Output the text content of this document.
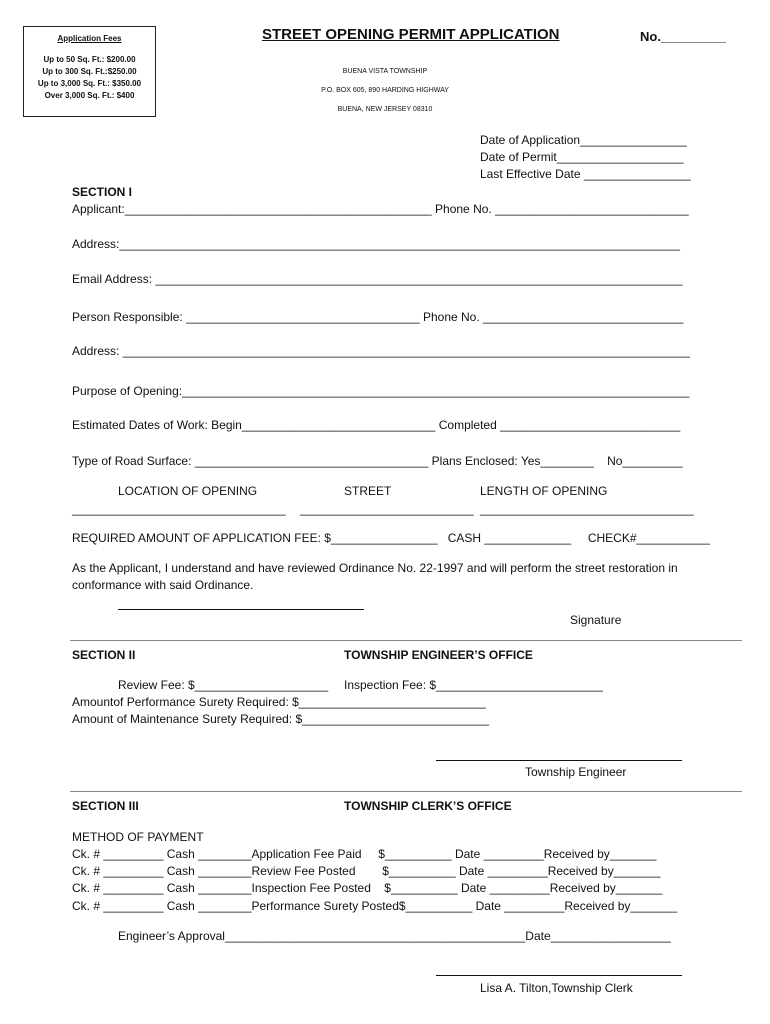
Application Fees
Up to 50 Sq. Ft.: $200.00
Up to 300 Sq. Ft.:$250.00
Up to 3,000 Sq. Ft.: $350.00
Over 3,000 Sq. Ft.: $400
STREET OPENING PERMIT APPLICATION	No._________
BUENA VISTA TOWNSHIP
P.O. BOX 605, 890 HARDING HIGHWAY
BUENA, NEW JERSEY 08310
Date of Application________________
Date of Permit___________________
Last Effective Date ________________
SECTION I
Applicant:______________________________________________ Phone No. _____________________________
Address:____________________________________________________________________________________
Email Address: _______________________________________________________________________________
Person Responsible: ___________________________________ Phone No. ______________________________
Address: _____________________________________________________________________________________
Purpose of Opening:____________________________________________________________________________
Estimated Dates of Work: Begin_____________________________ Completed ___________________________
Type of Road Surface: ___________________________________ Plans Enclosed: Yes________    No_________
LOCATION OF OPENING	STREET	LENGTH OF OPENING
________________________________ __________________________ ________________________________
REQUIRED AMOUNT OF APPLICATION FEE: $________________   CASH _____________     CHECK#___________
As the Applicant, I understand and have reviewed Ordinance No. 22-1997 and will perform the street restoration in
conformance with said Ordinance.
Signature
SECTION II	TOWNSHIP ENGINEER’S OFFICE
Review Fee: $____________________ Inspection Fee: $_________________________
Amountof Performance Surety Required: $____________________________
Amount of Maintenance Surety Required: $____________________________
Township Engineer
SECTION III	TOWNSHIP CLERK’S OFFICE
METHOD OF PAYMENT
Ck. # _________ Cash ________Application Fee Paid     $__________ Date _________Received by_______
Ck. # _________ Cash ________Review Fee Posted        $__________ Date _________Received by_______
Ck. # _________ Cash ________Inspection Fee Posted    $__________ Date _________Received by_______
Ck. # _________ Cash ________Performance Surety Posted$__________ Date _________Received by_______
Engineer’s Approval_____________________________________________Date__________________
Lisa A. Tilton,Township Clerk
